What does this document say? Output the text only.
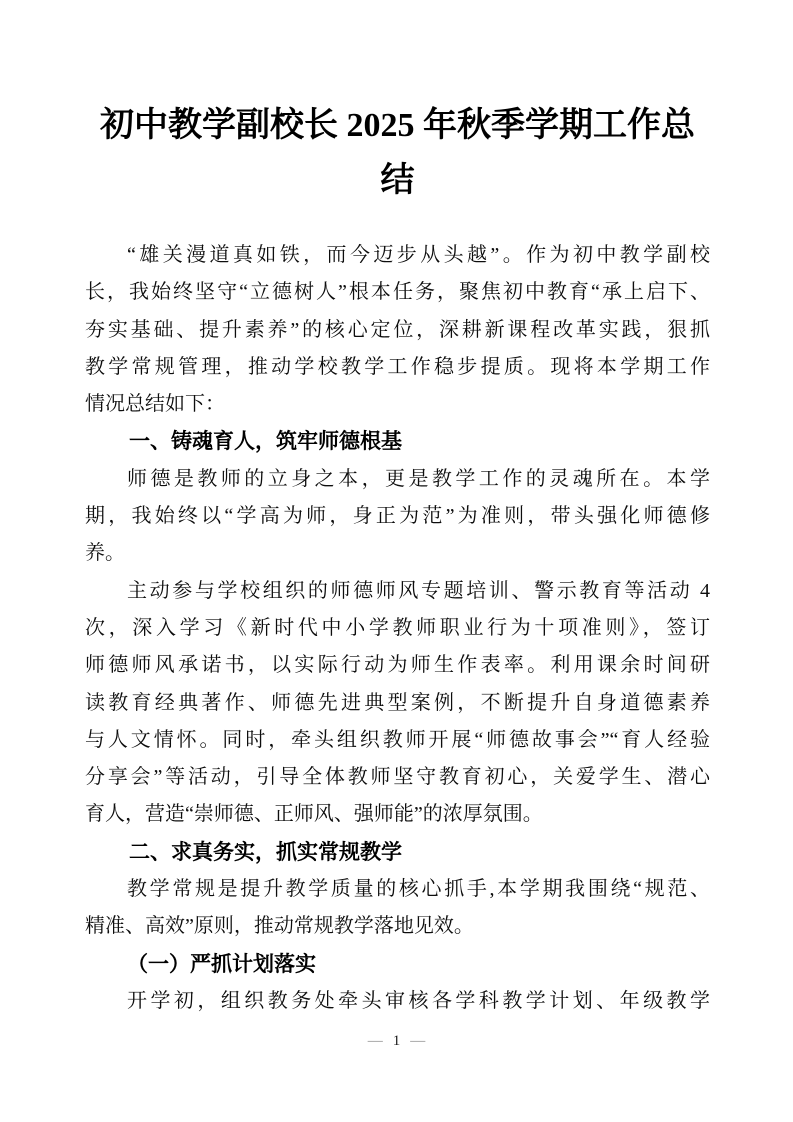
初中教学副校长 2025 年秋季学期工作总结
“雄关漫道真如铁，而今迈步从头越”。作为初中教学副校
长，我始终坚守“立德树人”根本任务，聚焦初中教育“承上启下、
夯实基础、提升素养”的核心定位，深耕新课程改革实践，狠抓
教学常规管理，推动学校教学工作稳步提质。现将本学期工作
情况总结如下：
一、铸魂育人，筑牢师德根基
师德是教师的立身之本，更是教学工作的灵魂所在。本学
期，我始终以“学高为师，身正为范”为准则，带头强化师德修
养。
主动参与学校组织的师德师风专题培训、警示教育等活动 4
次，深入学习《新时代中小学教师职业行为十项准则》，签订
师德师风承诺书，以实际行动为师生作表率。利用课余时间研
读教育经典著作、师德先进典型案例，不断提升自身道德素养
与人文情怀。同时，牵头组织教师开展“师德故事会”“育人经验
分享会”等活动，引导全体教师坚守教育初心，关爱学生、潜心
育人，营造“崇师德、正师风、强师能”的浓厚氛围。
二、求真务实，抓实常规教学
教学常规是提升教学质量的核心抓手,本学期我围绕“规范、
精准、高效”原则，推动常规教学落地见效。
（一）严抓计划落实
开学初，组织教务处牵头审核各学科教学计划、年级教学
— 1 —
